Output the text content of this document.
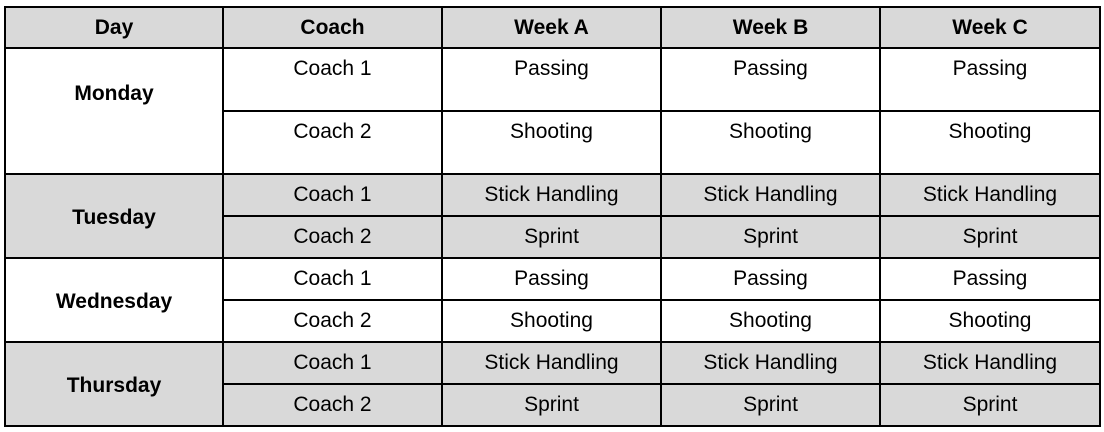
Day	Coach	Week A	Week B	Week C
Monday	Coach 1	Passing	Passing	Passing
	Coach 2	Shooting	Shooting	Shooting
Tuesday	Coach 1	Stick Handling	Stick Handling	Stick Handling
	Coach 2	Sprint	Sprint	Sprint
Wednesday	Coach 1	Passing	Passing	Passing
	Coach 2	Shooting	Shooting	Shooting
Thursday	Coach 1	Stick Handling	Stick Handling	Stick Handling
	Coach 2	Sprint	Sprint	Sprint
